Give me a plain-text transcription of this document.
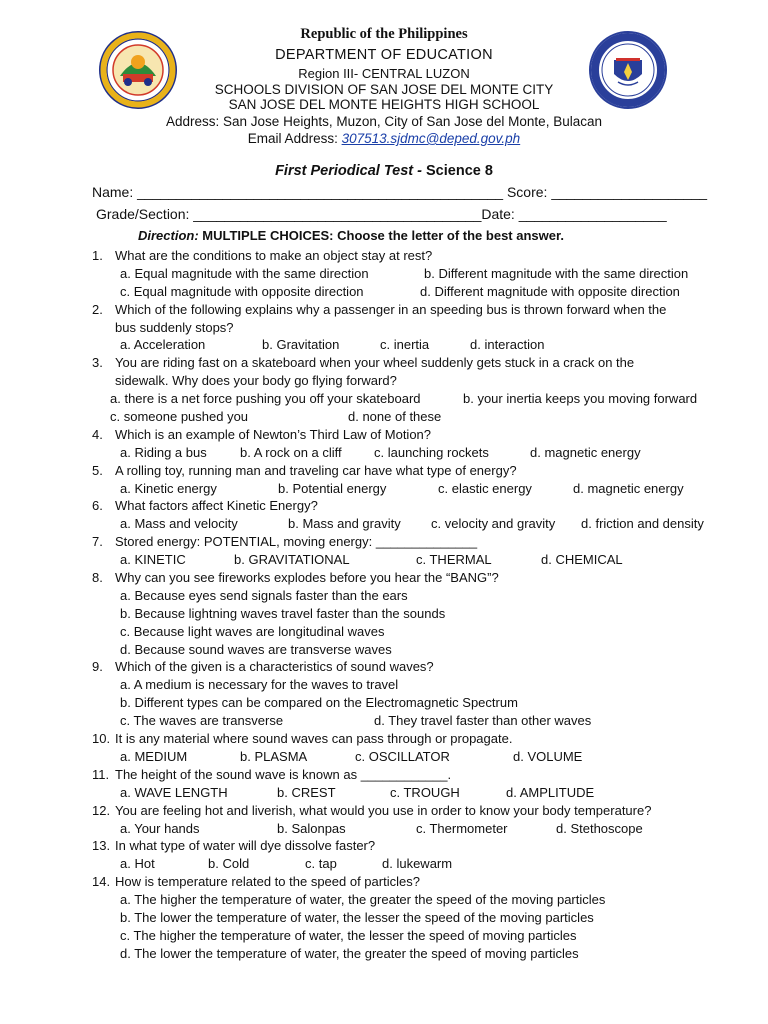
Republic of the Philippines
DEPARTMENT OF EDUCATION
Region III- CENTRAL LUZON
SCHOOLS DIVISION OF SAN JOSE DEL MONTE CITY
SAN JOSE DEL MONTE HEIGHTS HIGH SCHOOL
Address: San Jose Heights, Muzon, City of San Jose del Monte, Bulacan
Email Address: 307513.sjdmc@deped.gov.ph
First Periodical Test - Science 8
Name: _______________________________________________ Score: ____________________
Grade/Section: _____________________________________Date: ___________________
Direction: MULTIPLE CHOICES: Choose the letter of the best answer.
1. What are the conditions to make an object stay at rest?
a. Equal magnitude with the same direction	b. Different magnitude with the same direction
c. Equal magnitude with opposite direction	d. Different magnitude with opposite direction
2. Which of the following explains why a passenger in an speeding bus is thrown forward when the
bus suddenly stops?
a. Acceleration	b. Gravitation	c. inertia	d. interaction
3. You are riding fast on a skateboard when your wheel suddenly gets stuck in a crack on the
sidewalk. Why does your body go flying forward?
a. there is a net force pushing you off your skateboard	b. your inertia keeps you moving forward
c. someone pushed you	d. none of these
4. Which is an example of Newton’s Third Law of Motion?
a. Riding a bus	b. A rock on a cliff c. launching rockets	d. magnetic energy
5. A rolling toy, running man and traveling car have what type of energy?
a. Kinetic energy	b. Potential energy	c. elastic energy	d. magnetic energy
6. What factors affect Kinetic Energy?
a. Mass and velocity	b. Mass and gravity c. velocity and gravity d. friction and density
7. Stored energy: POTENTIAL, moving energy: ______________
a. KINETIC	b. GRAVITATIONAL	c. THERMAL	d. CHEMICAL
8. Why can you see fireworks explodes before you hear the “BANG”?
a. Because eyes send signals faster than the ears
b. Because lightning waves travel faster than the sounds
c. Because light waves are longitudinal waves
d. Because sound waves are transverse waves
9. Which of the given is a characteristics of sound waves?
a. A medium is necessary for the waves to travel
b. Different types can be compared on the Electromagnetic Spectrum
c. The waves are transverse	d. They travel faster than other waves
10. It is any material where sound waves can pass through or propagate.
a. MEDIUM	b. PLASMA	c. OSCILLATOR	d. VOLUME
11. The height of the sound wave is known as ____________.
a. WAVE LENGTH	b. CREST	c. TROUGH	d. AMPLITUDE
12. You are feeling hot and liverish, what would you use in order to know your body temperature?
a. Your hands	b. Salonpas	c. Thermometer	d. Stethoscope
13. In what type of water will dye dissolve faster?
a. Hot	b. Cold	c. tap	d. lukewarm
14. How is temperature related to the speed of particles?
a. The higher the temperature of water, the greater the speed of the moving particles
b. The lower the temperature of water, the lesser the speed of the moving particles
c. The higher the temperature of water, the lesser the speed of moving particles
d. The lower the temperature of water, the greater the speed of moving particles
